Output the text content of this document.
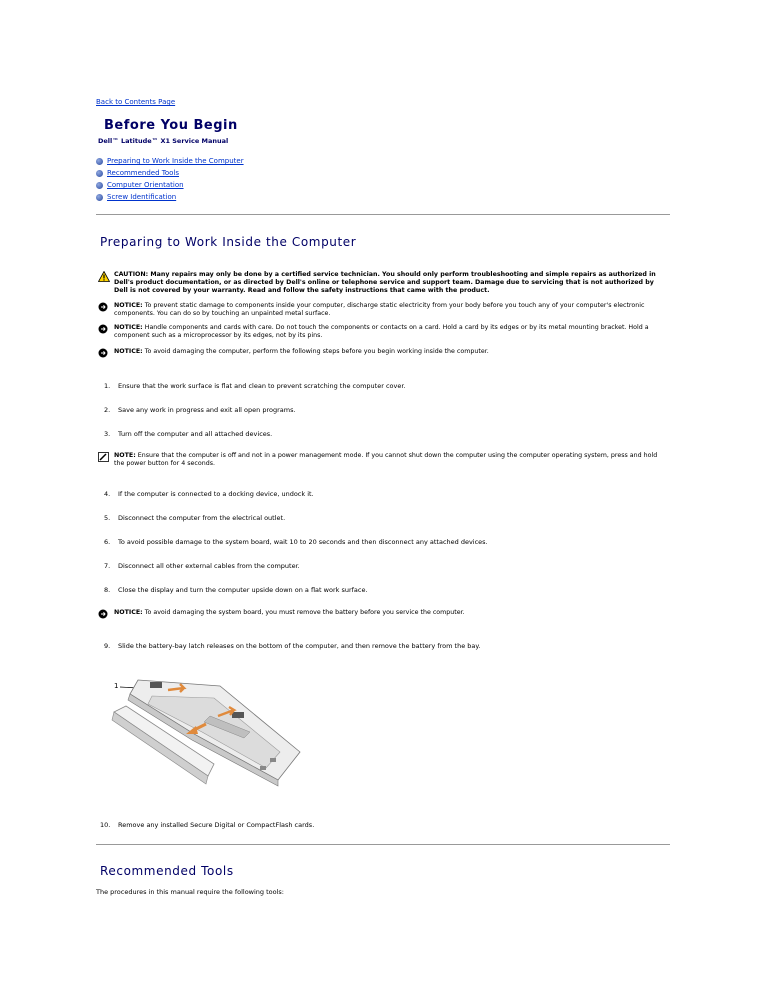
Back to Contents Page
Before You Begin
Dell™ Latitude™ X1 Service Manual
Preparing to Work Inside the Computer
Recommended Tools
Computer Orientation
Screw Identification
Preparing to Work Inside the Computer

CAUTION: Many repairs may only be done by a certified service technician. You should only perform troubleshooting and simple repairs as authorized in Dell's product documentation, or as directed by Dell's online or telephone service and support team. Damage due to servicing that is not authorized by Dell is not covered by your warranty. Read and follow the safety instructions that came with the product.

NOTICE: To prevent static damage to components inside your computer, discharge static electricity from your body before you touch any of your computer's electronic components. You can do so by touching an unpainted metal surface.

NOTICE: Handle components and cards with care. Do not touch the components or contacts on a card. Hold a card by its edges or by its metal mounting bracket. Hold a component such as a microprocessor by its edges, not by its pins.

NOTICE: To avoid damaging the computer, perform the following steps before you begin working inside the computer.

1. Ensure that the work surface is flat and clean to prevent scratching the computer cover.
2. Save any work in progress and exit all open programs.
3. Turn off the computer and all attached devices.

NOTE: Ensure that the computer is off and not in a power management mode. If you cannot shut down the computer using the computer operating system, press and hold the power button for 4 seconds.

4. If the computer is connected to a docking device, undock it.
5. Disconnect the computer from the electrical outlet.
6. To avoid possible damage to the system board, wait 10 to 20 seconds and then disconnect any attached devices.
7. Disconnect all other external cables from the computer.
8. Close the display and turn the computer upside down on a flat work surface.

NOTICE: To avoid damaging the system board, you must remove the battery before you service the computer.

9. Slide the battery-bay latch releases on the bottom of the computer, and then remove the battery from the bay.
1
10. Remove any installed Secure Digital or CompactFlash cards.
Recommended Tools
The procedures in this manual require the following tools:
